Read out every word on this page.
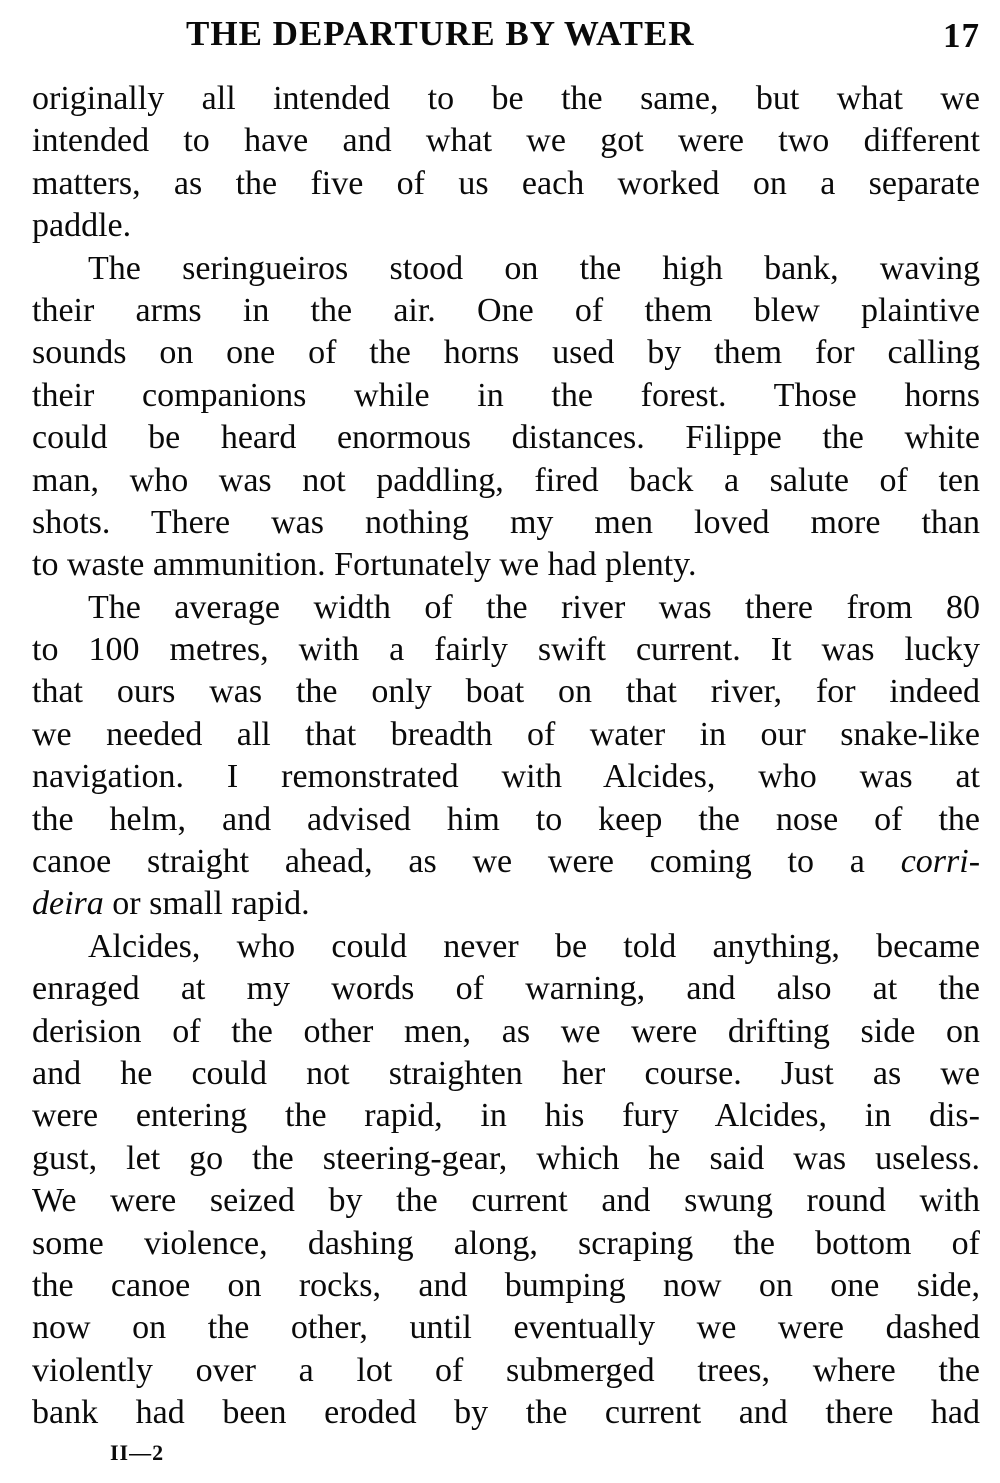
THE DEPARTURE BY WATER	17
originally all intended to be the same, but what we
intended to have and what we got were two different
matters, as the five of us each worked on a separate
paddle.
The seringueiros stood on the high bank, waving
their arms in the air. One of them blew plaintive
sounds on one of the horns used by them for calling
their companions while in the forest. Those horns
could be heard enormous distances. Filippe the white
man, who was not paddling, fired back a salute of ten
shots. There was nothing my men loved more than
to waste ammunition. Fortunately we had plenty.
The average width of the river was there from 80
to 100 metres, with a fairly swift current. It was lucky
that ours was the only boat on that river, for indeed
we needed all that breadth of water in our snake-like
navigation. I remonstrated with Alcides, who was at
the helm, and advised him to keep the nose of the
canoe straight ahead, as we were coming to a corri-
deira or small rapid.
Alcides, who could never be told anything, became
enraged at my words of warning, and also at the
derision of the other men, as we were drifting side on
and he could not straighten her course. Just as we
were entering the rapid, in his fury Alcides, in dis-
gust, let go the steering-gear, which he said was useless.
We were seized by the current and swung round with
some violence, dashing along, scraping the bottom of
the canoe on rocks, and bumping now on one side,
now on the other, until eventually we were dashed
violently over a lot of submerged trees, where the
bank had been eroded by the current and there had
II—2
